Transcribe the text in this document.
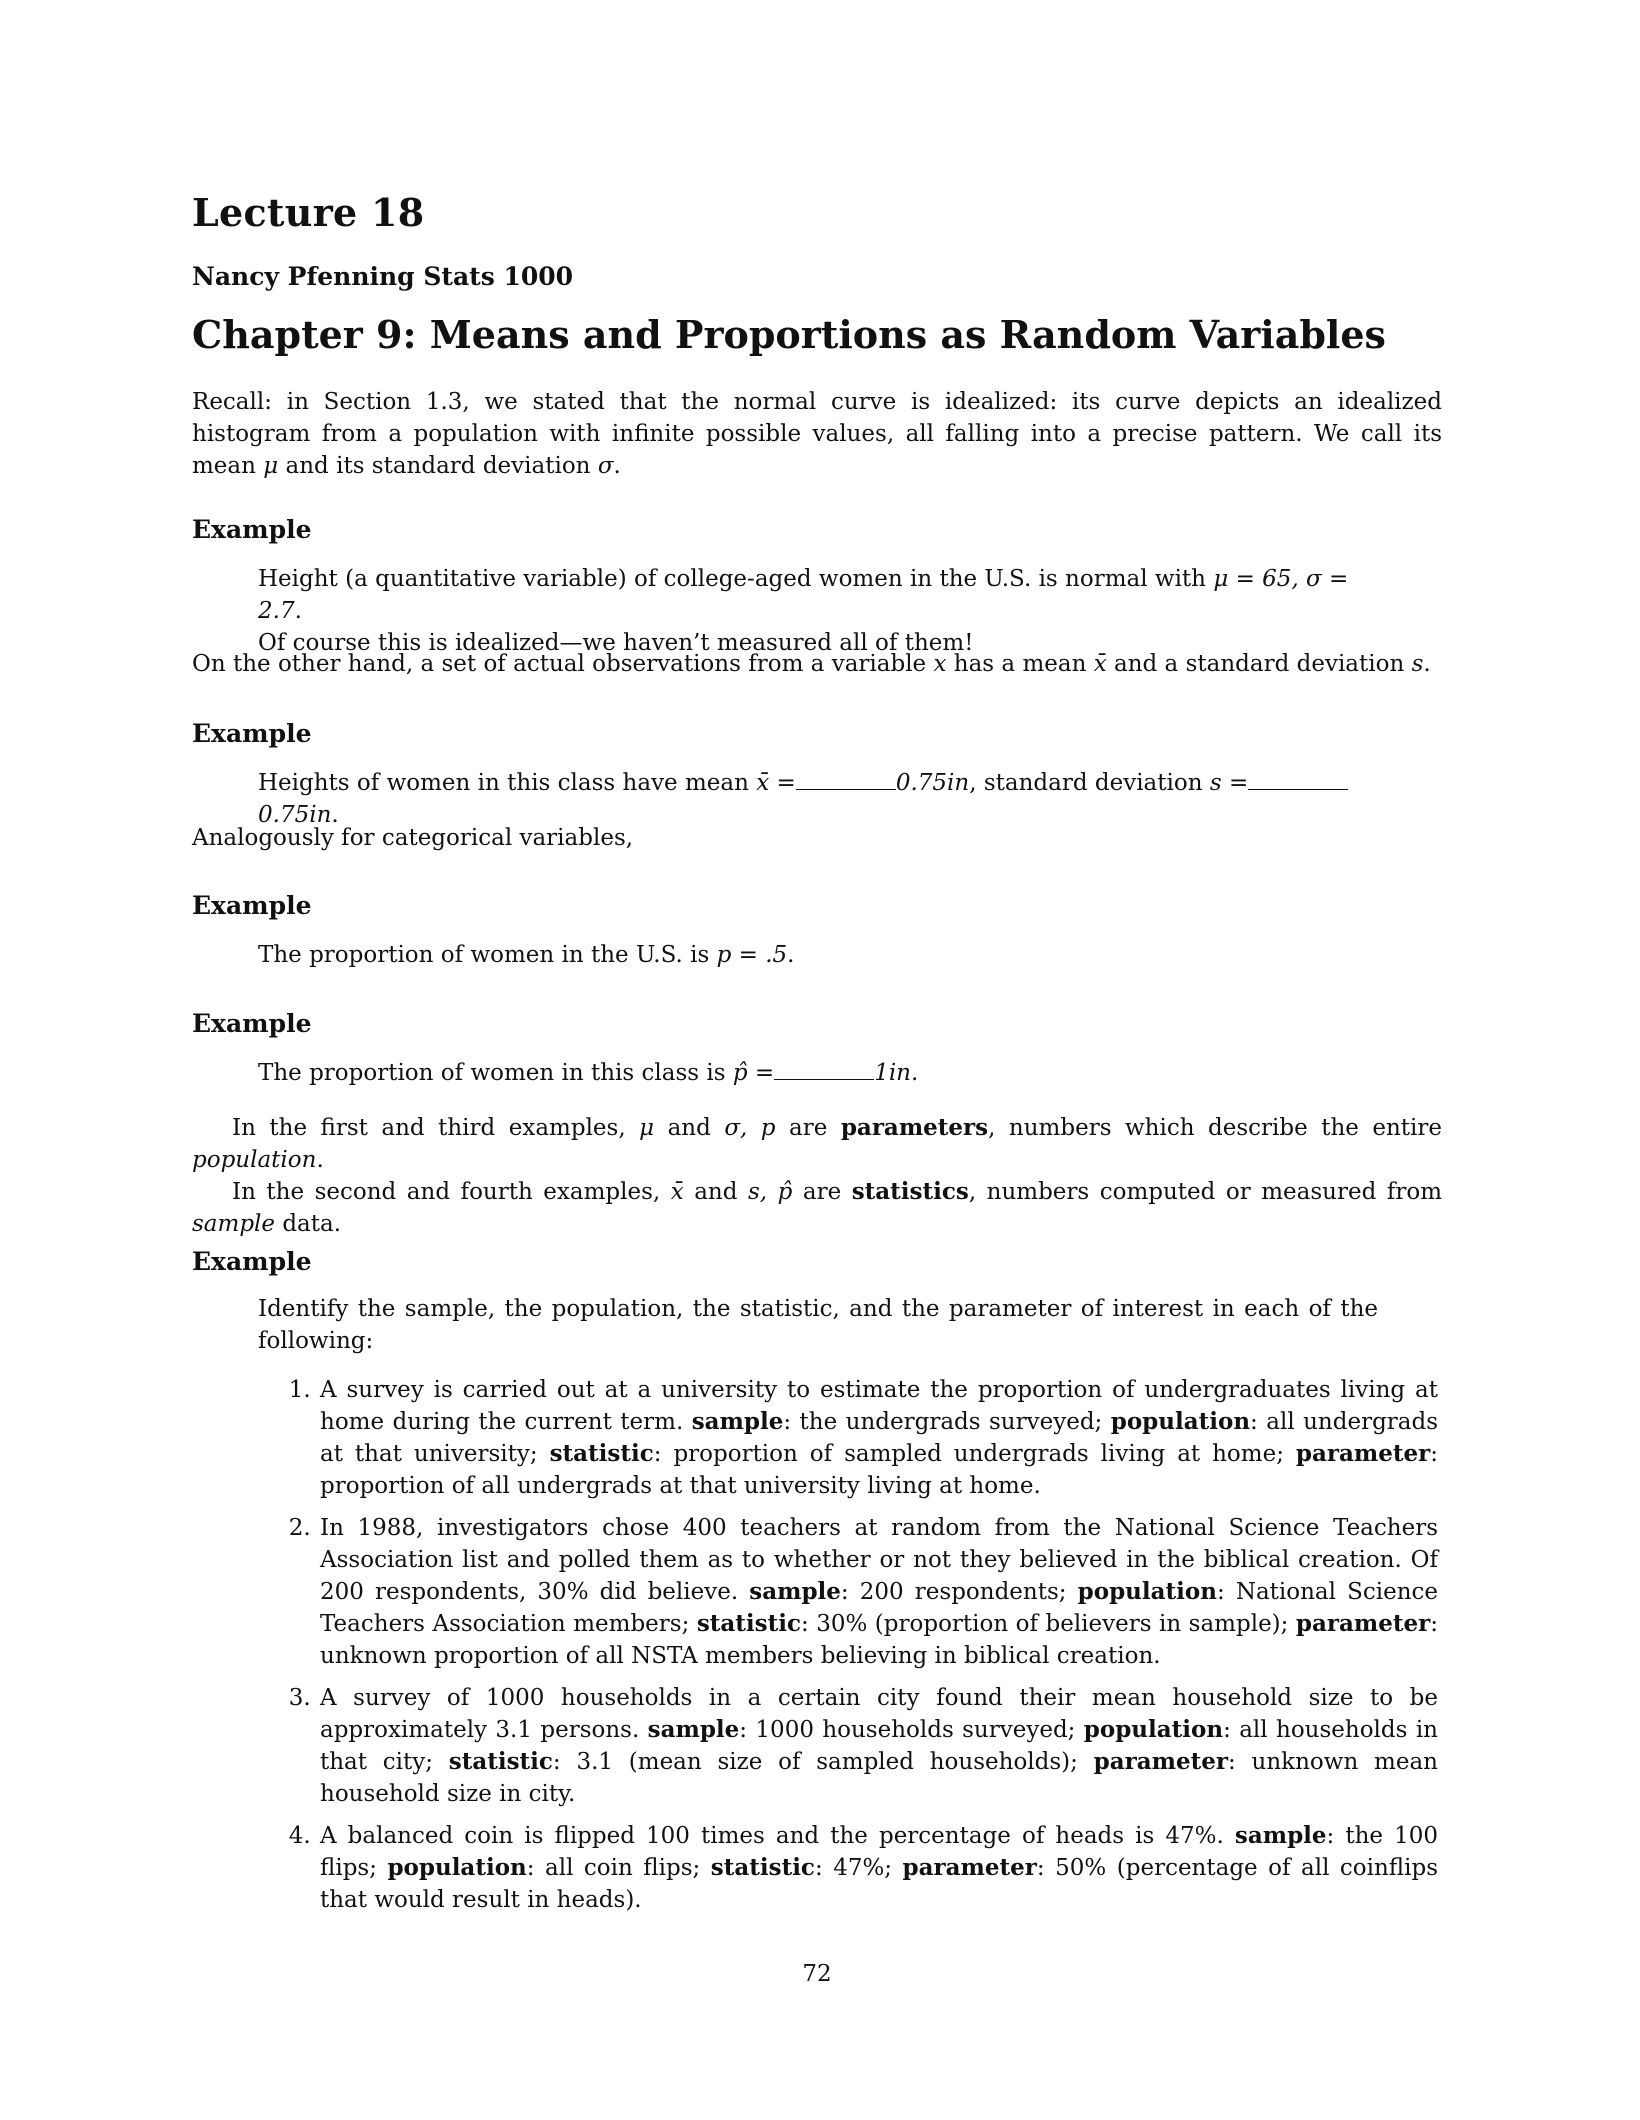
Lecture 18
Nancy Pfenning Stats 1000
Chapter 9: Means and Proportions as Random Variables
Recall: in Section 1.3, we stated that the normal curve is idealized: its curve depicts an idealized histogram from a population with infinite possible values, all falling into a precise pattern. We call its mean μ and its standard deviation σ.
Example
Height (a quantitative variable) of college-aged women in the U.S. is normal with μ = 65, σ = 2.7.
Of course this is idealized—we haven’t measured all of them!
On the other hand, a set of actual observations from a variable x has a mean x̄ and a standard deviation s.
Example
Heights of women in this class have mean x̄ =	0.75in, standard deviation s =0.75in.
Analogously for categorical variables,
Example
The proportion of women in the U.S. is p = .5.
Example
The proportion of women in this class is p̂ =	1in.
In the first and third examples, μ and σ, p are parameters, numbers which describe the entire population.
In the second and fourth examples, x̄ and s, p̂ are statistics, numbers computed or measured from sample data.
Example
Identify the sample, the population, the statistic, and the parameter of interest in each of the following:
1. A survey is carried out at a university to estimate the proportion of undergraduates living at home during the current term. sample: the undergrads surveyed; population: all undergrads at that university; statistic: proportion of sampled undergrads living at home; parameter: proportion of all undergrads at that university living at home.
2. In 1988, investigators chose 400 teachers at random from the National Science Teachers Association list and polled them as to whether or not they believed in the biblical creation. Of 200 respondents, 30% did believe. sample: 200 respondents; population: National Science Teachers Association members; statistic: 30% (proportion of believers in sample); parameter: unknown proportion of all NSTA members believing in biblical creation.
3. A survey of 1000 households in a certain city found their mean household size to be approximately 3.1 persons. sample: 1000 households surveyed; population: all households in that city; statistic: 3.1 (mean size of sampled households); parameter: unknown mean household size in city.
4. A balanced coin is flipped 100 times and the percentage of heads is 47%. sample: the 100 flips; population: all coin flips; statistic: 47%; parameter: 50% (percentage of all coinflips that would result in heads).
72
